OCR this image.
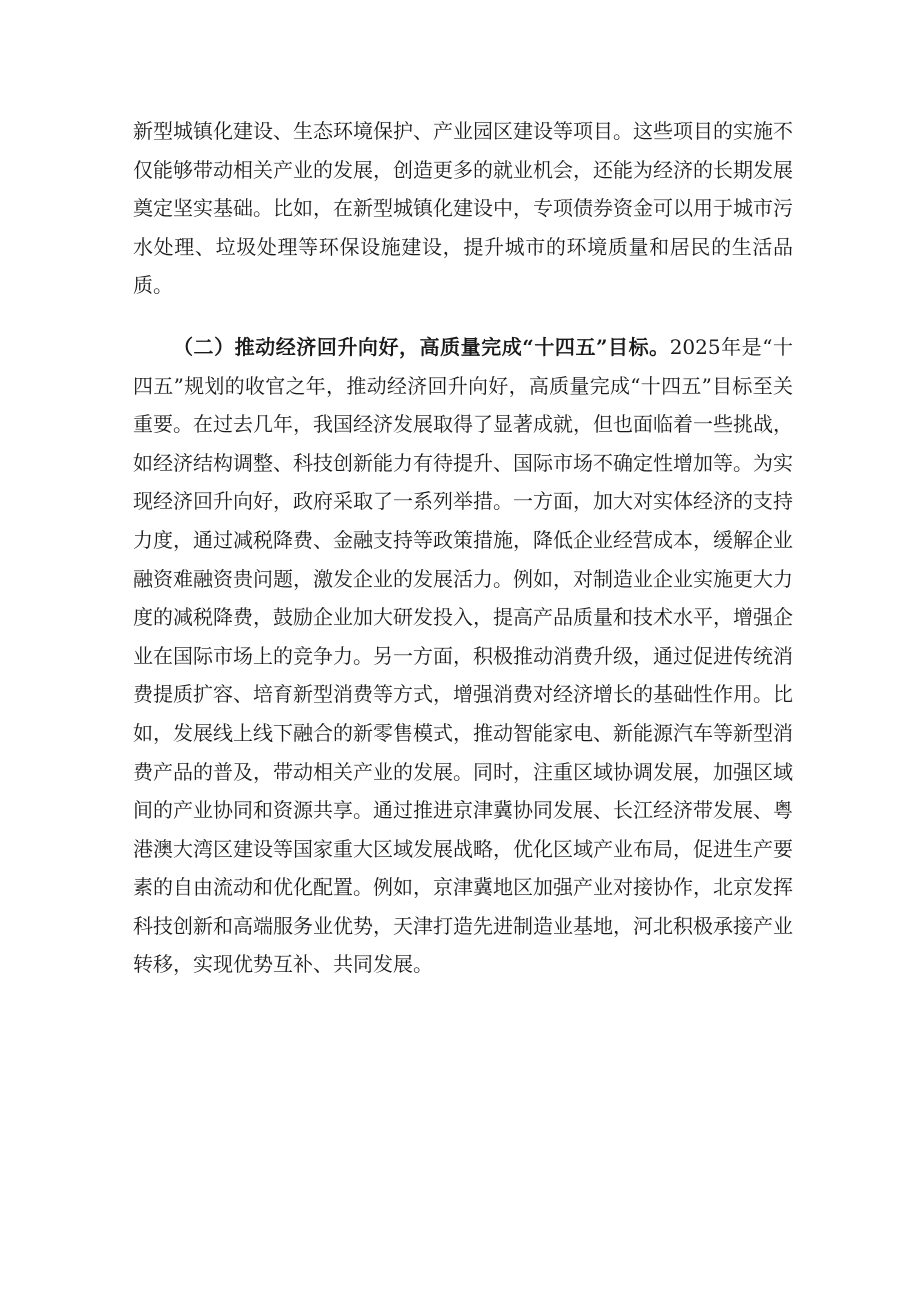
新型城镇化建设、生态环境保护、产业园区建设等项目。这些项目的实施不仅能够带动相关产业的发展，创造更多的就业机会，还能为经济的长期发展奠定坚实基础。比如，在新型城镇化建设中，专项债券资金可以用于城市污水处理、垃圾处理等环保设施建设，提升城市的环境质量和居民的生活品质。

（二）推动经济回升向好，高质量完成“十四五”目标。2025年是“十四五”规划的收官之年，推动经济回升向好，高质量完成“十四五”目标至关重要。在过去几年，我国经济发展取得了显著成就，但也面临着一些挑战，如经济结构调整、科技创新能力有待提升、国际市场不确定性增加等。为实现经济回升向好，政府采取了一系列举措。一方面，加大对实体经济的支持力度，通过减税降费、金融支持等政策措施，降低企业经营成本，缓解企业融资难融资贵问题，激发企业的发展活力。例如，对制造业企业实施更大力度的减税降费，鼓励企业加大研发投入，提高产品质量和技术水平，增强企业在国际市场上的竞争力。另一方面，积极推动消费升级，通过促进传统消费提质扩容、培育新型消费等方式，增强消费对经济增长的基础性作用。比如，发展线上线下融合的新零售模式，推动智能家电、新能源汽车等新型消费产品的普及，带动相关产业的发展。同时，注重区域协调发展，加强区域间的产业协同和资源共享。通过推进京津冀协同发展、长江经济带发展、粤港澳大湾区建设等国家重大区域发展战略，优化区域产业布局，促进生产要素的自由流动和优化配置。例如，京津冀地区加强产业对接协作，北京发挥科技创新和高端服务业优势，天津打造先进制造业基地，河北积极承接产业转移，实现优势互补、共同发展。
